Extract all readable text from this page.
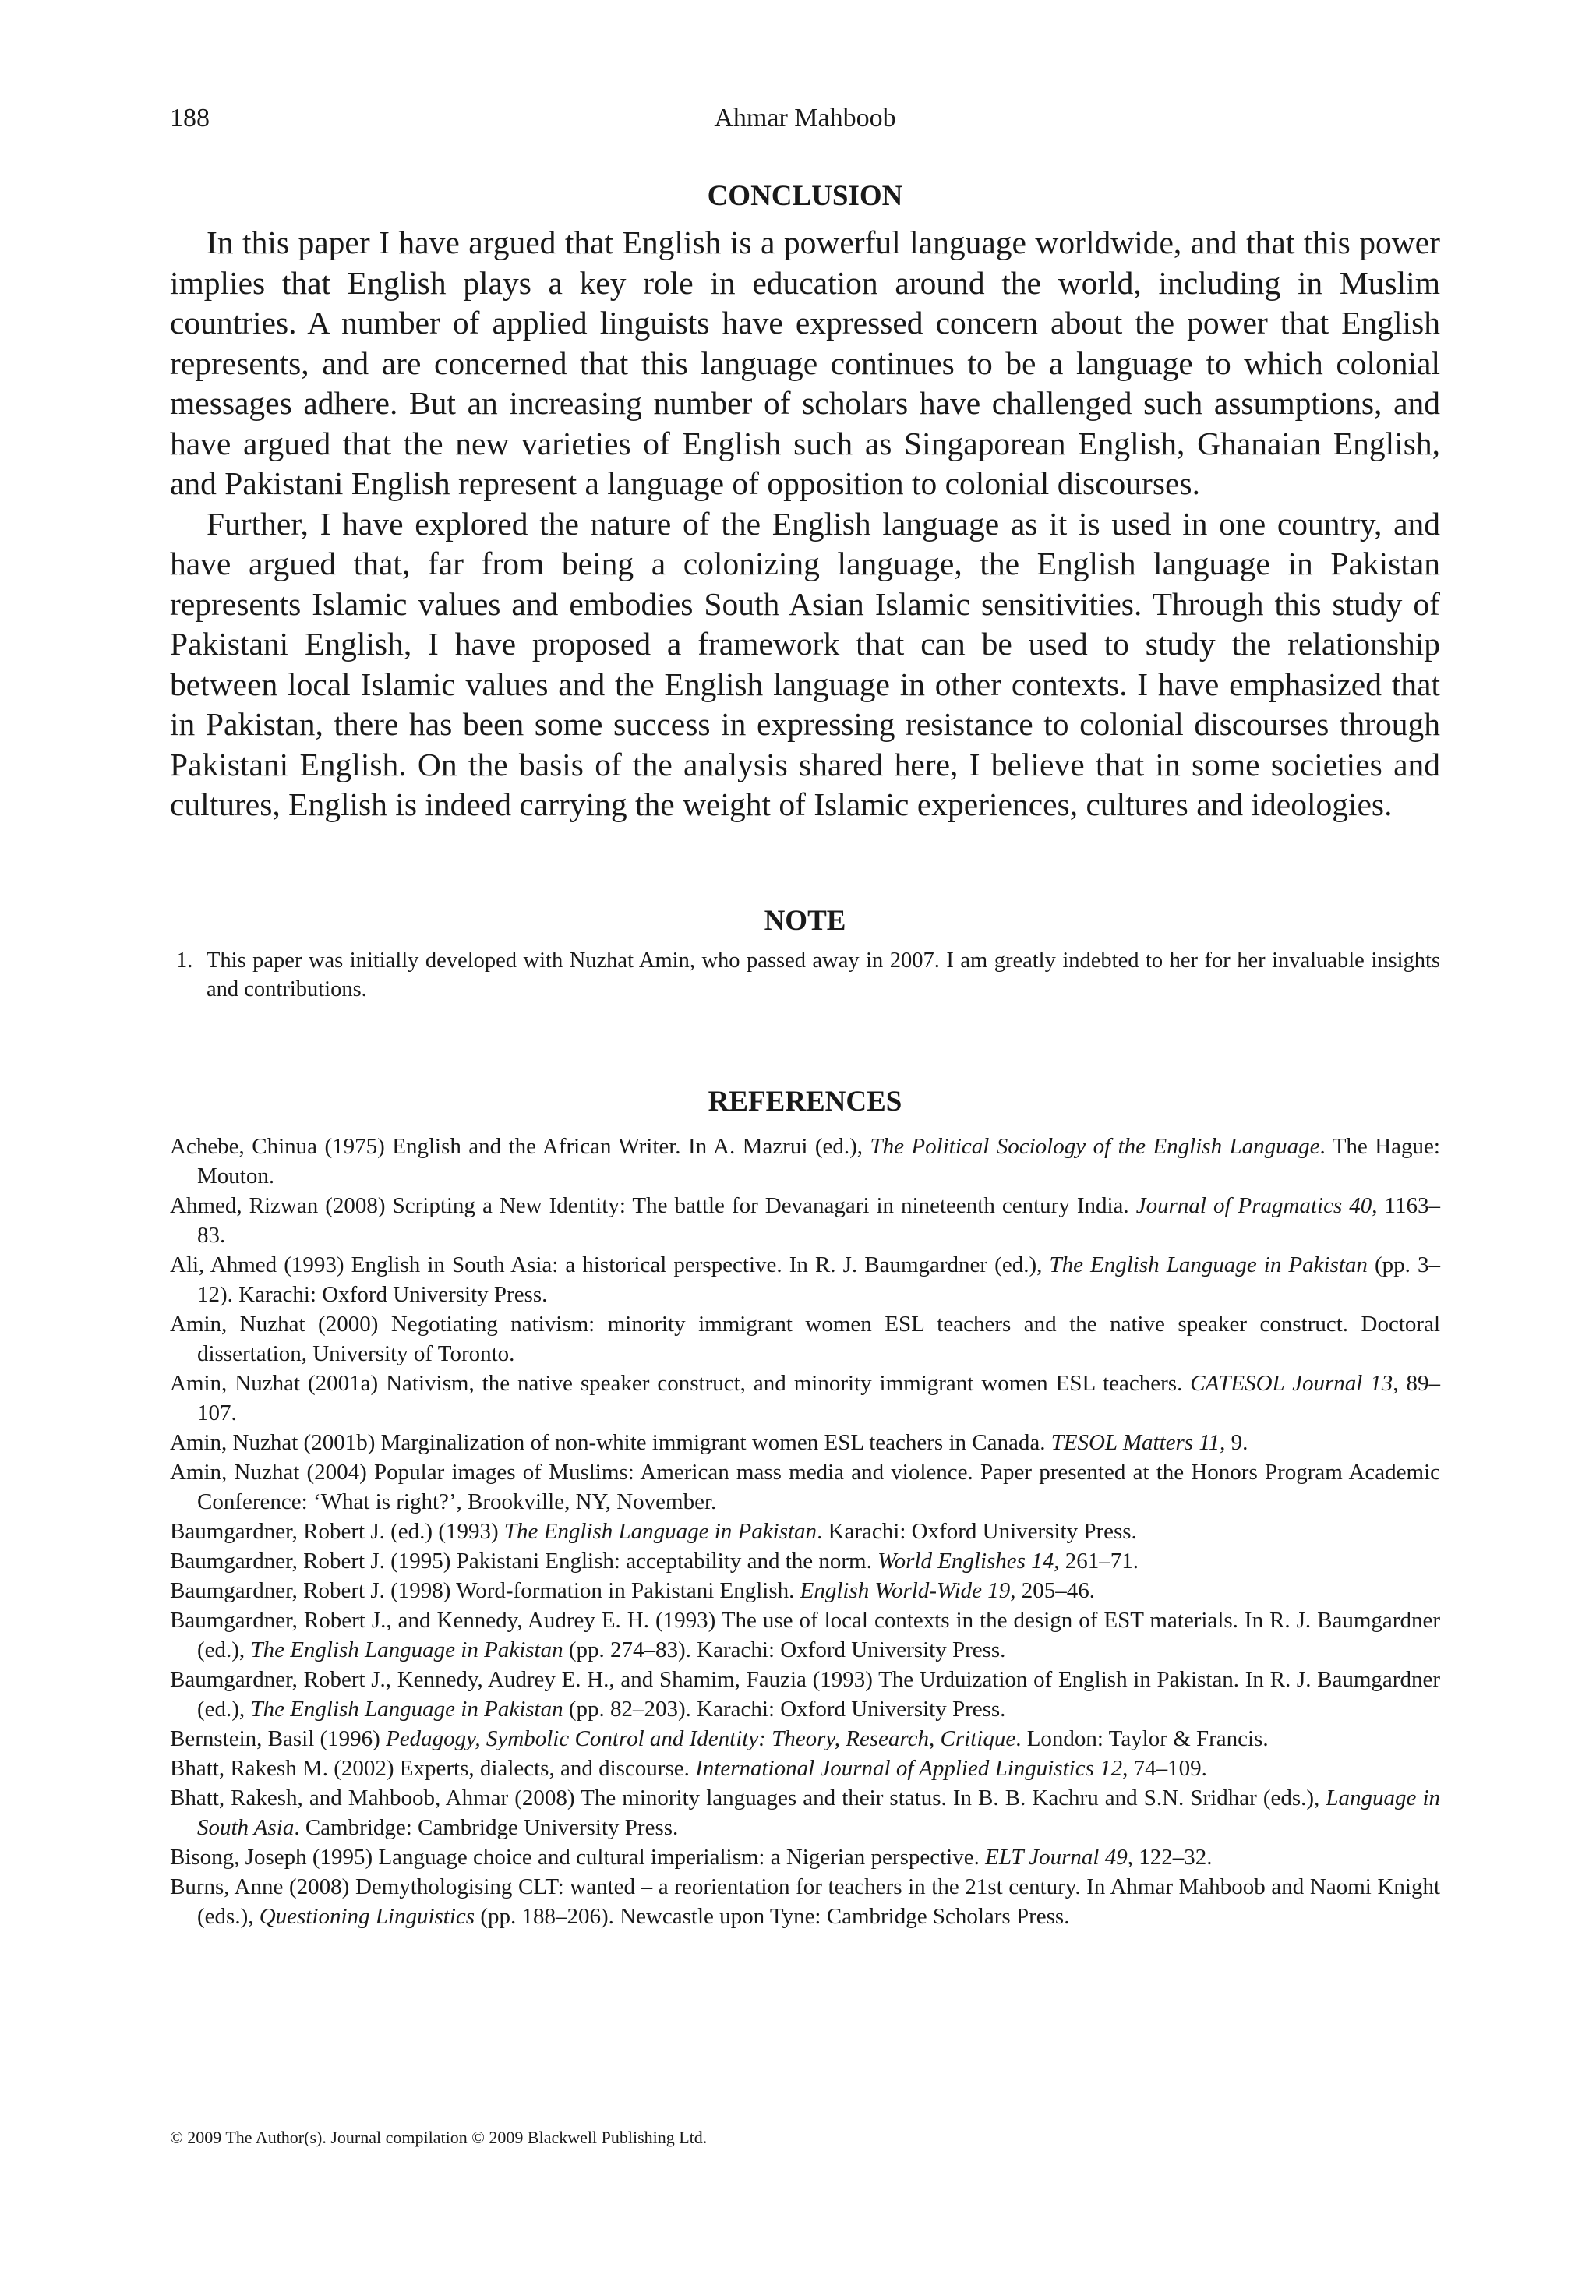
188	Ahmar Mahboob
CONCLUSION

In this paper I have argued that English is a powerful language worldwide, and that this power implies that English plays a key role in education around the world, including in Muslim countries. A number of applied linguists have expressed concern about the power that English represents, and are concerned that this language continues to be a language to which colonial messages adhere. But an increasing number of scholars have challenged such assumptions, and have argued that the new varieties of English such as Singaporean English, Ghanaian English, and Pakistani English represent a language of opposition to colonial discourses.

Further, I have explored the nature of the English language as it is used in one country, and have argued that, far from being a colonizing language, the English language in Pakistan represents Islamic values and embodies South Asian Islamic sensitivities. Through this study of Pakistani English, I have proposed a framework that can be used to study the relationship between local Islamic values and the English language in other contexts. I have emphasized that in Pakistan, there has been some success in expressing resistance to colonial discourses through Pakistani English. On the basis of the analysis shared here, I believe that in some societies and cultures, English is indeed carrying the weight of Islamic experiences, cultures and ideologies.

NOTE
1. This paper was initially developed with Nuzhat Amin, who passed away in 2007. I am greatly indebted to her for her invaluable insights and contributions.
REFERENCES
Achebe, Chinua (1975) English and the African Writer. In A. Mazrui (ed.), The Political Sociology of the English Language. The Hague: Mouton.
Ahmed, Rizwan (2008) Scripting a New Identity: The battle for Devanagari in nineteenth century India. Journal of Pragmatics 40, 1163–83.
Ali, Ahmed (1993) English in South Asia: a historical perspective. In R. J. Baumgardner (ed.), The English Language in Pakistan (pp. 3–12). Karachi: Oxford University Press.
Amin, Nuzhat (2000) Negotiating nativism: minority immigrant women ESL teachers and the native speaker construct. Doctoral dissertation, University of Toronto.
Amin, Nuzhat (2001a) Nativism, the native speaker construct, and minority immigrant women ESL teachers. CATESOL Journal 13, 89–107.
Amin, Nuzhat (2001b) Marginalization of non-white immigrant women ESL teachers in Canada. TESOL Matters 11, 9.
Amin, Nuzhat (2004) Popular images of Muslims: American mass media and violence. Paper presented at the Honors Program Academic Conference: ‘What is right?’, Brookville, NY, November.
Baumgardner, Robert J. (ed.) (1993) The English Language in Pakistan. Karachi: Oxford University Press.
Baumgardner, Robert J. (1995) Pakistani English: acceptability and the norm. World Englishes 14, 261–71.
Baumgardner, Robert J. (1998) Word-formation in Pakistani English. English World-Wide 19, 205–46.
Baumgardner, Robert J., and Kennedy, Audrey E. H. (1993) The use of local contexts in the design of EST materials. In R. J. Baumgardner (ed.), The English Language in Pakistan (pp. 274–83). Karachi: Oxford University Press.
Baumgardner, Robert J., Kennedy, Audrey E. H., and Shamim, Fauzia (1993) The Urduization of English in Pakistan. In R. J. Baumgardner (ed.), The English Language in Pakistan (pp. 82–203). Karachi: Oxford University Press.
Bernstein, Basil (1996) Pedagogy, Symbolic Control and Identity: Theory, Research, Critique. London: Taylor & Francis.
Bhatt, Rakesh M. (2002) Experts, dialects, and discourse. International Journal of Applied Linguistics 12, 74–109.
Bhatt, Rakesh, and Mahboob, Ahmar (2008) The minority languages and their status. In B. B. Kachru and S.N. Sridhar (eds.), Language in South Asia. Cambridge: Cambridge University Press.
Bisong, Joseph (1995) Language choice and cultural imperialism: a Nigerian perspective. ELT Journal 49, 122–32.
Burns, Anne (2008) Demythologising CLT: wanted – a reorientation for teachers in the 21st century. In Ahmar Mahboob and Naomi Knight (eds.), Questioning Linguistics (pp. 188–206). Newcastle upon Tyne: Cambridge Scholars Press.
© 2009 The Author(s). Journal compilation © 2009 Blackwell Publishing Ltd.
